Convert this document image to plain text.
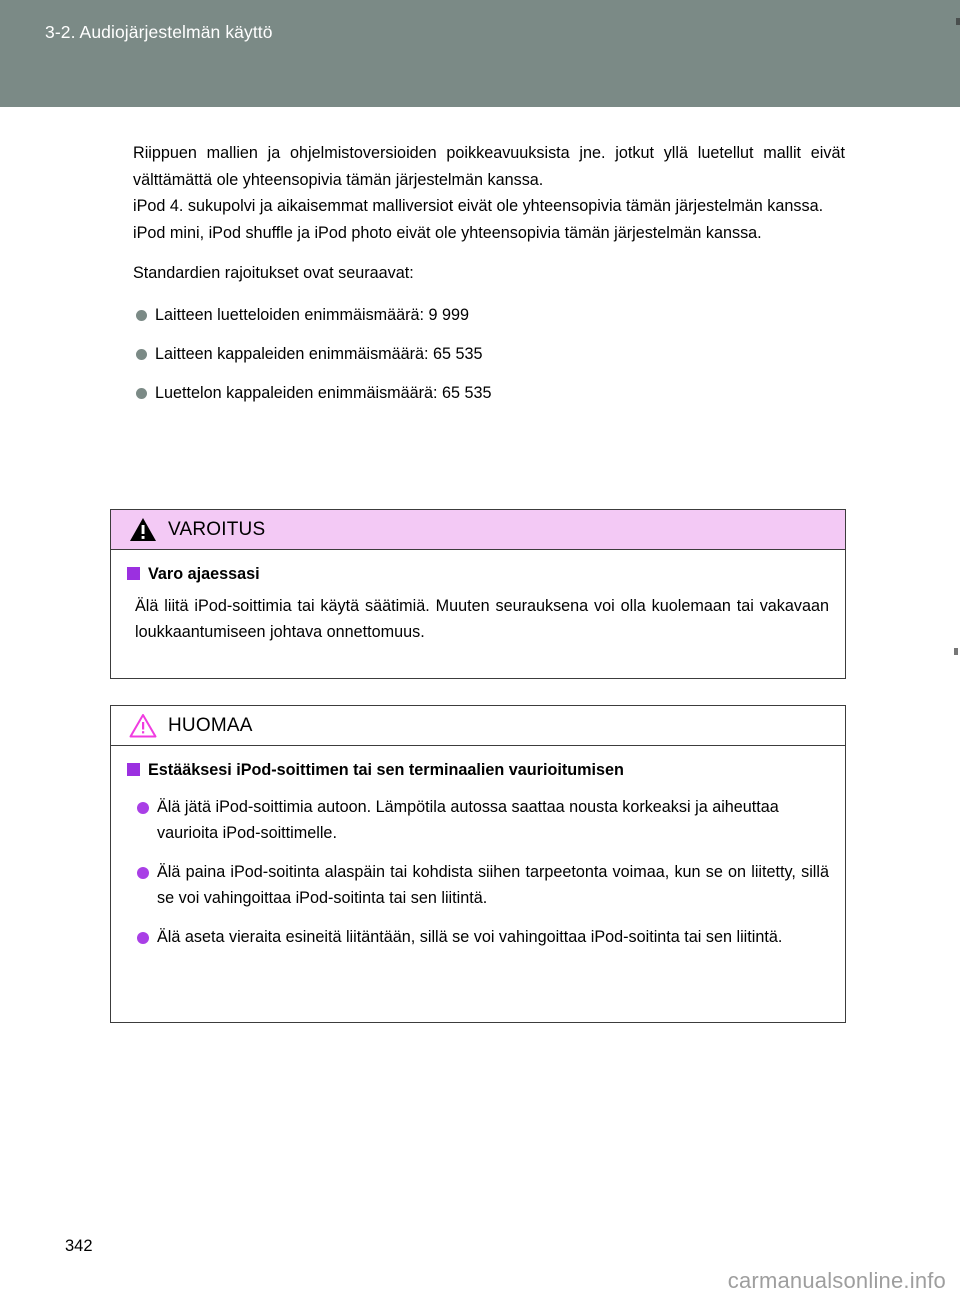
3-2. Audiojärjestelmän käyttö

Riippuen mallien ja ohjelmistoversioiden poikkeavuuksista jne. jotkut yllä luetellut mallit eivät välttämättä ole yhteensopivia tämän järjestelmän kanssa.

iPod 4. sukupolvi ja aikaisemmat malliversiot eivät ole yhteensopivia tämän järjestelmän kanssa.

iPod mini, iPod shuffle ja iPod photo eivät ole yhteensopivia tämän järjestelmän kanssa.

Standardien rajoitukset ovat seuraavat:

Laitteen luetteloiden enimmäismäärä: 9 999
Laitteen kappaleiden enimmäismäärä: 65 535
Luettelon kappaleiden enimmäismäärä: 65 535
VAROITUS

Varo ajaessasi

Älä liitä iPod-soittimia tai käytä säätimiä. Muuten seurauksena voi olla kuolemaan tai vakavaan loukkaantumiseen johtava onnettomuus.

HUOMAA

Estääksesi iPod-soittimen tai sen terminaalien vaurioitumisen

Älä jätä iPod-soittimia autoon. Lämpötila autossa saattaa nousta korkeaksi ja aiheuttaa vaurioita iPod-soittimelle.
Älä paina iPod-soitinta alaspäin tai kohdista siihen tarpeetonta voimaa, kun se on liitetty, sillä se voi vahingoittaa iPod-soitinta tai sen liitintä.
Älä aseta vieraita esineitä liitäntään, sillä se voi vahingoittaa iPod-soitinta tai sen liitintä.
342
carmanualsonline.info
